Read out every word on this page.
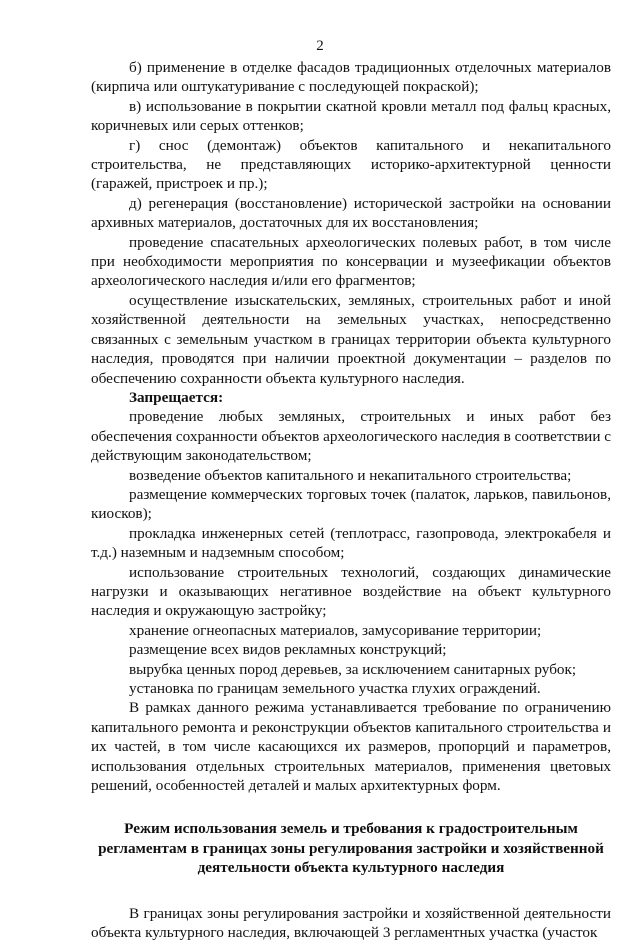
2

б) применение в отделке фасадов традиционных отделочных материалов (кирпича или оштукатуривание с последующей покраской);

в) использование в покрытии скатной кровли металл под фальц красных, коричневых или серых оттенков;

г) снос (демонтаж) объектов капитального и некапитального строительства, не представляющих историко-архитектурной ценности (гаражей, пристроек и пр.);

д) регенерация (восстановление) исторической застройки на основании архивных материалов, достаточных для их восстановления;

проведение спасательных археологических полевых работ, в том числе при необходимости мероприятия по консервации и музеефикации объектов археологического наследия и/или его фрагментов;

осуществление изыскательских, земляных, строительных работ и иной хозяйственной деятельности на земельных участках, непосредственно связанных с земельным участком в границах территории объекта культурного наследия, проводятся при наличии проектной документации – разделов по обеспечению сохранности объекта культурного наследия.

Запрещается:

проведение любых земляных, строительных и иных работ без обеспечения сохранности объектов археологического наследия в соответствии с действующим законодательством;

возведение объектов капитального и некапитального строительства;

размещение коммерческих торговых точек (палаток, ларьков, павильонов, киосков);

прокладка инженерных сетей (теплотрасс, газопровода, электрокабеля и т.д.) наземным и надземным способом;

использование строительных технологий, создающих динамические нагрузки и оказывающих негативное воздействие на объект культурного наследия и окружающую застройку;

хранение огнеопасных материалов, замусоривание территории;

размещение всех видов рекламных конструкций;

вырубка ценных пород деревьев, за исключением санитарных рубок;

установка по границам земельного участка глухих ограждений.

В рамках данного режима устанавливается требование по ограничению капитального ремонта и реконструкции объектов капитального строительства и их частей, в том числе касающихся их размеров, пропорций и параметров, использования отдельных строительных материалов, применения цветовых решений, особенностей деталей и малых архитектурных форм.

Режим использования земель и требования к градостроительным регламентам в границах зоны регулирования застройки и хозяйственной деятельности объекта культурного наследия

В границах зоны регулирования застройки и хозяйственной деятельности объекта культурного наследия, включающей 3 регламентных участка (участок
